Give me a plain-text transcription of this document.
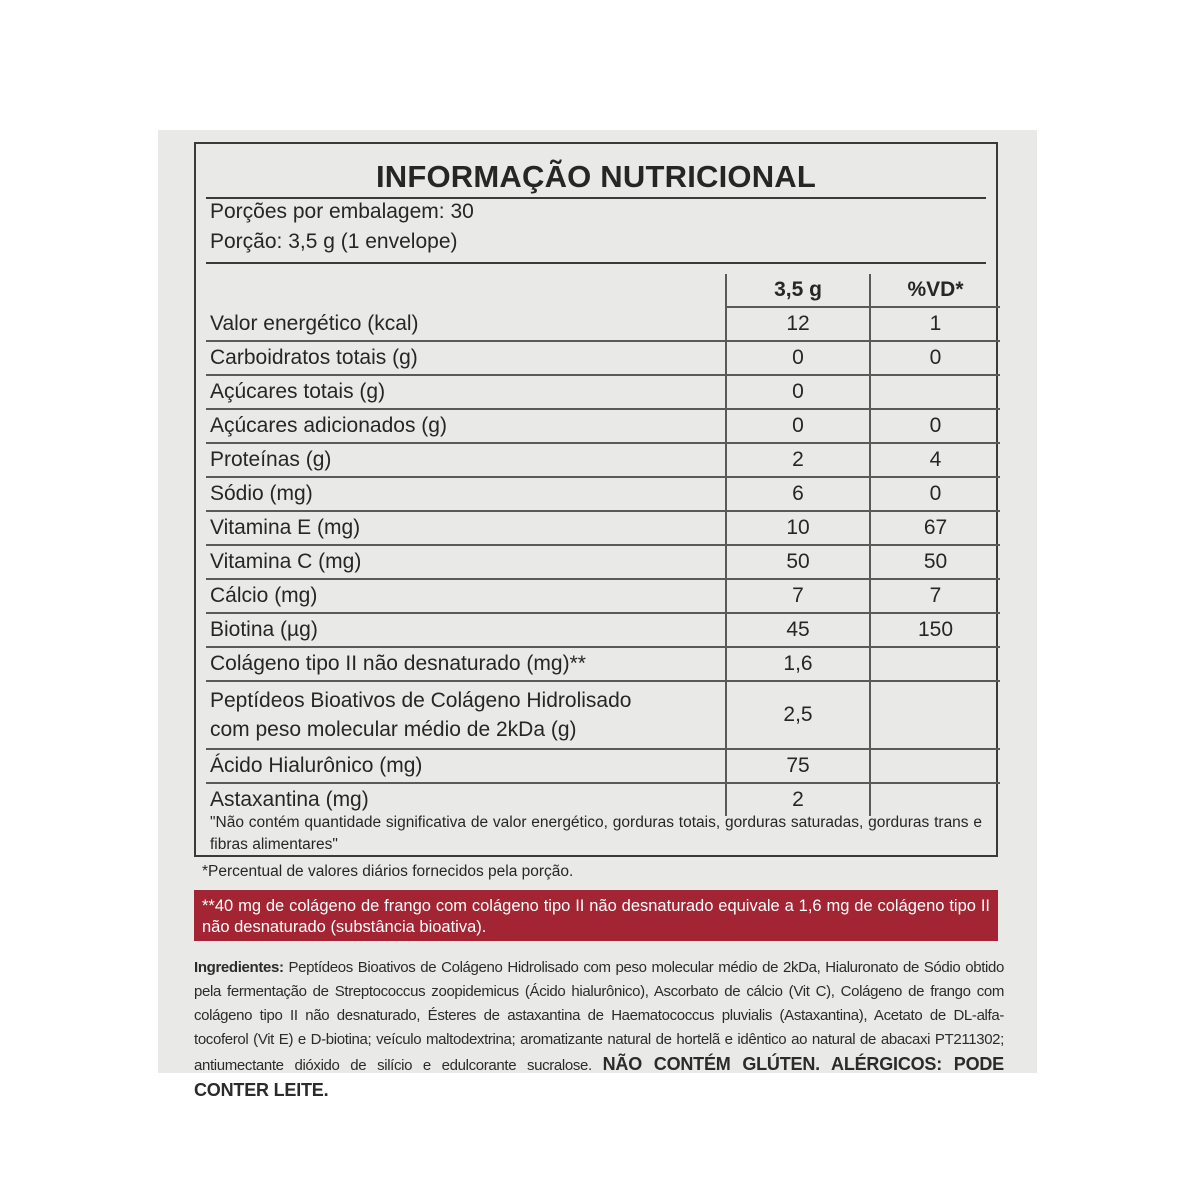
INFORMAÇÃO NUTRICIONAL
Porções por embalagem: 30
Porção: 3,5 g (1 envelope)
	3,5 g	%VD*
Valor energético (kcal)	12	1
Carboidratos totais (g)	0	0
Açúcares totais (g)	0	
Açúcares adicionados (g)	0	0
Proteínas (g)	2	4
Sódio (mg)	6	0
Vitamina E (mg)	10	67
Vitamina C (mg)	50	50
Cálcio (mg)	7	7
Biotina (µg)	45	150
Colágeno tipo II não desnaturado (mg)**	1,6	
Peptídeos Bioativos de Colágeno Hidrolisado
com peso molecular médio de 2kDa (g)	2,5	
Ácido Hialurônico (mg)	75	
Astaxantina (mg)	2	
"Não contém quantidade significativa de valor energético, gorduras totais, gorduras saturadas, gorduras trans e fibras alimentares"
*Percentual de valores diários fornecidos pela porção.
**40 mg de colágeno de frango com colágeno tipo II não desnaturado equivale a 1,6 mg de colágeno tipo II não desnaturado (substância bioativa).
Ingredientes: Peptídeos Bioativos de Colágeno Hidrolisado com peso molecular médio de 2kDa, Hialuronato de Sódio obtido pela fermentação de Streptococcus zoopidemicus (Ácido hialurônico), Ascorbato de cálcio (Vit C), Colágeno de frango com colágeno tipo II não desnaturado, Ésteres de astaxantina de Haematococcus pluvialis (Astaxantina), Acetato de DL-alfa-tocoferol (Vit E) e D-biotina; veículo maltodextrina; aromatizante natural de hortelã e idêntico ao natural de abacaxi PT211302; antiumectante dióxido de silício e edulcorante sucralose. NÃO CONTÉM GLÚTEN. ALÉRGICOS: PODE CONTER LEITE.
